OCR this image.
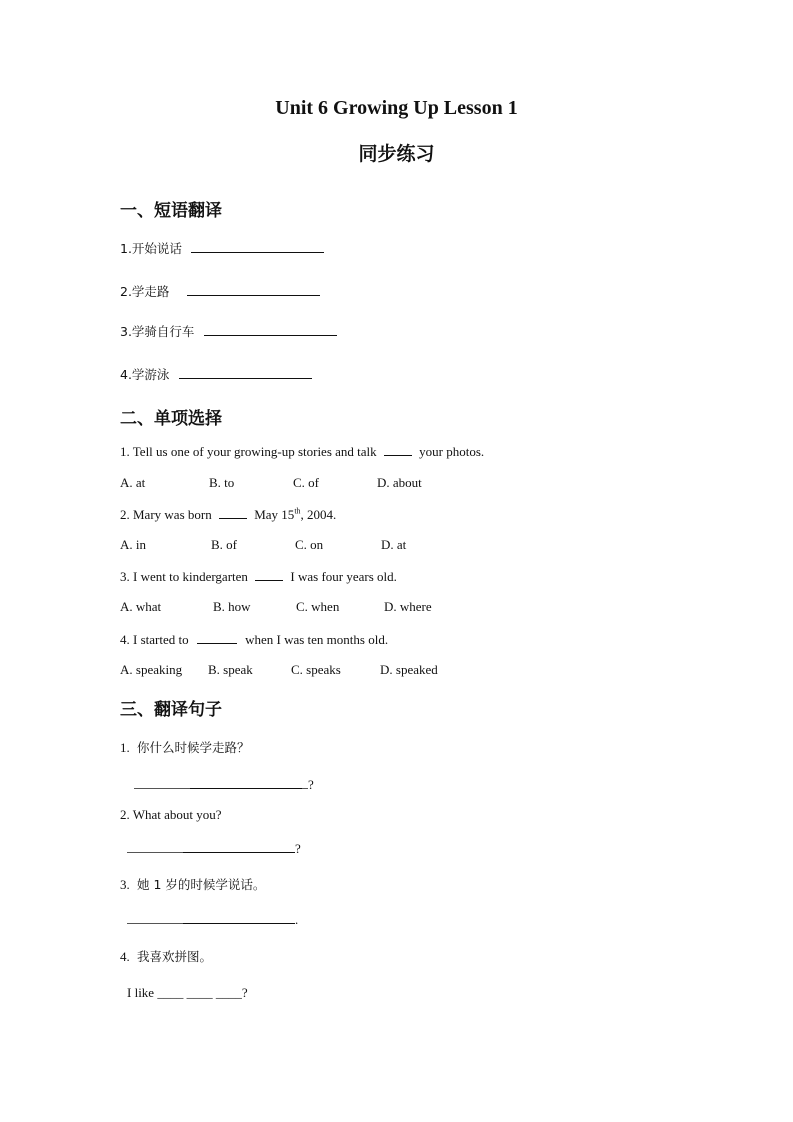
Unit 6 Growing Up Lesson 1
同步练习
一、短语翻译
1.开始说话
2.学走路
3.学骑自行车
4.学游泳
二、单项选择
1. Tell us one of your growing-up stories and talk	your photos.
A. at	B. to	C. of	D. about
2. Mary was born	May 15th, 2004.
A. in	B. of	C. on	D. at
3. I went to kindergarten	I was four years old.
A. what	B. how	C. when	D. where
4. I started to	when I was ten months old.
A. speaking B. speak	C. speaks	D. speaked
三、翻译句子
1. 你什么时候学走路？
?
2. What about you?
?
3. 她 1 岁的时候学说话。
.
4. 我喜欢拼图。
I like ____ ____ ____?
